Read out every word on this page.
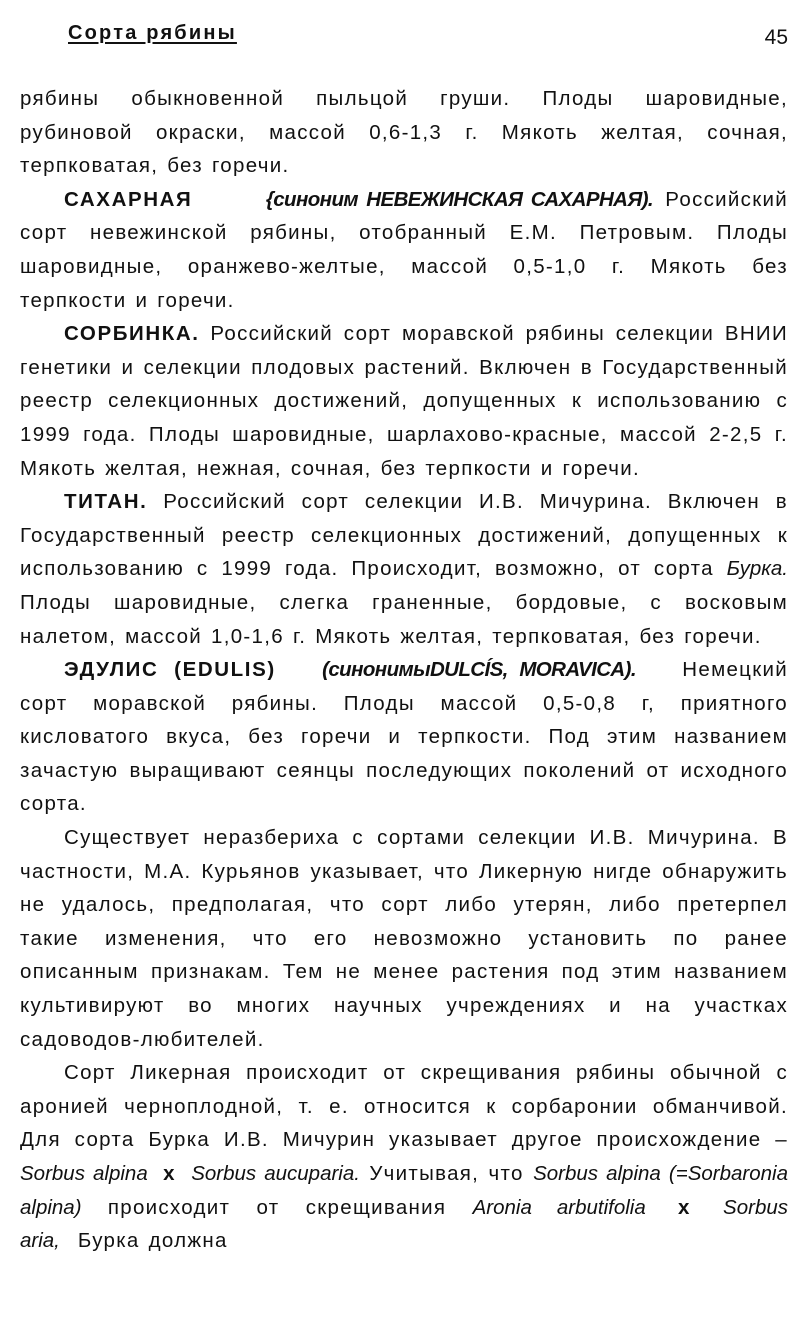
Сорта рябины	45

рябины обыкновенной пыльцой груши. Плоды шаровидные, рубиновой окраски, массой 0,6-1,3 г. Мякоть желтая, сочная, терпковатая, без горечи.

САХАРНАЯ	{синоним НЕВЕЖИНСКАЯ САХАРНАЯ). Российский сорт невежинской рябины, отобранный Е.М. Петровым. Плоды шаровидные, оранжево-желтые, массой 0,5-1,0 г. Мякоть без терпкости и горечи.

СОРБИНКА. Российский сорт моравской рябины селекции ВНИИ генетики и селекции плодовых растений. Включен в Государственный реестр селекционных достижений, допущенных к использованию с 1999 года. Плоды шаровидные, шарлахово-красные, массой 2-2,5 г. Мякоть желтая, нежная, сочная, без терпкости и горечи.

ТИТАН. Российский сорт селекции И.В. Мичурина. Включен в Государственный реестр селекционных достижений, допущенных к использованию с 1999 года. Происходит, возможно, от сорта Бурка. Плоды шаровидные, слегка граненные, бордовые, с восковым налетом, массой 1,0-1,6 г. Мякоть желтая, терпковатая, без горечи.

ЭДУЛИС (EDULIS) (синонимыDULCÍS, MORAVICA). Немецкий сорт моравской рябины. Плоды массой 0,5-0,8 г, приятного кисловатого вкуса, без горечи и терпкости. Под этим названием зачастую выращивают сеянцы последующих поколений от исходного сорта.

Существует неразбериха с сортами селекции И.В. Мичурина. В частности, М.А. Курьянов указывает, что Ликерную нигде обнаружить не удалось, предполагая, что сорт либо утерян, либо претерпел такие изменения, что его невозможно установить по ранее описанным признакам. Тем не менее растения под этим названием культивируют во многих научных учреждениях и на участках садоводов-любителей.

Сорт Ликерная происходит от скрещивания рябины обычной с аронией черноплодной, т. е. относится к сорбаронии обманчивой. Для сорта Бурка И.В. Мичурин указывает другое происхождение – Sorbus alpina x Sorbus aucuparia. Учитывая, что Sorbus alpina (=Sorbaronia alpina) происходит от скрещивания Aronia arbutifolia x Sorbus aria, Бурка должна
